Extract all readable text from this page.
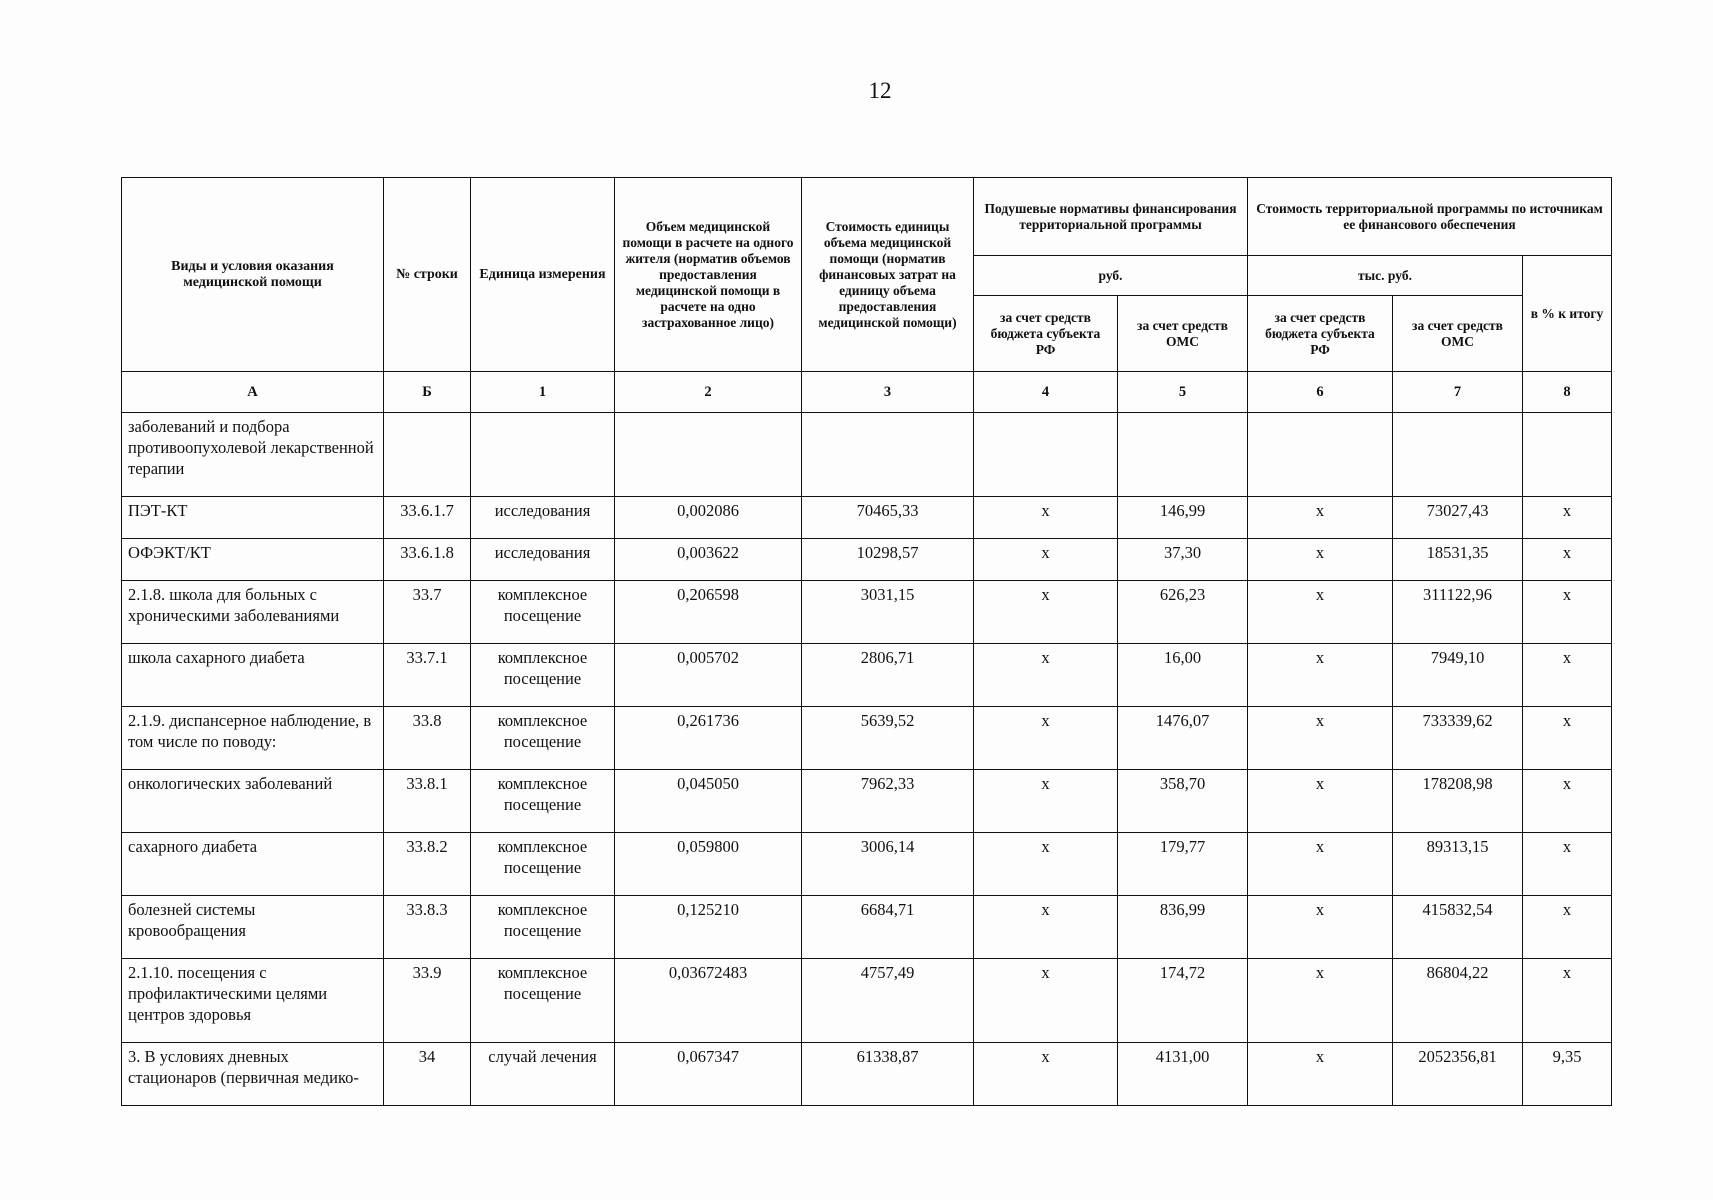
12
Виды и условия оказания медицинской помощи	№ строки	Единица измерения	Объем медицинской помощи в расчете на одного жителя (норматив объемов предоставления медицинской помощи в расчете на одно застрахованное лицо)	Стоимость единицы объема медицинской помощи (норматив финансовых затрат на единицу объема предоставления медицинской помощи)	Подушевые нормативы финансирования территориальной программы		Стоимость территориальной программы по источникам ее финансового обеспечения		
					руб.		тыс. руб.		в % к итогу
					за счет средств бюджета субъекта РФ	за счет средств ОМС	за счет средств бюджета субъекта РФ	за счет средств ОМС	
А	Б	1	2	3	4	5	6	7	8
заболеваний и подбора противоопухолевой лекарственной терапии									
ПЭТ-КТ	33.6.1.7	исследования	0,002086	70465,33	x	146,99	x	73027,43	x
ОФЭКТ/КТ	33.6.1.8	исследования	0,003622	10298,57	x	37,30	x	18531,35	x
2.1.8. школа для больных с хроническими заболеваниями	33.7	комплексное посещение	0,206598	3031,15	x	626,23	x	311122,96	x
школа сахарного диабета	33.7.1	комплексное посещение	0,005702	2806,71	x	16,00	x	7949,10	x
2.1.9. диспансерное наблюдение, в том числе по поводу:	33.8	комплексное посещение	0,261736	5639,52	x	1476,07	x	733339,62	x
онкологических заболеваний	33.8.1	комплексное посещение	0,045050	7962,33	x	358,70	x	178208,98	x
сахарного диабета	33.8.2	комплексное посещение	0,059800	3006,14	x	179,77	x	89313,15	x
болезней системы кровообращения	33.8.3	комплексное посещение	0,125210	6684,71	x	836,99	x	415832,54	x
2.1.10. посещения с профилактическими целями центров здоровья	33.9	комплексное посещение	0,03672483	4757,49	x	174,72	x	86804,22	x
3. В условиях дневных стационаров (первичная медико-	34	случай лечения	0,067347	61338,87	x	4131,00	x	2052356,81	9,35
